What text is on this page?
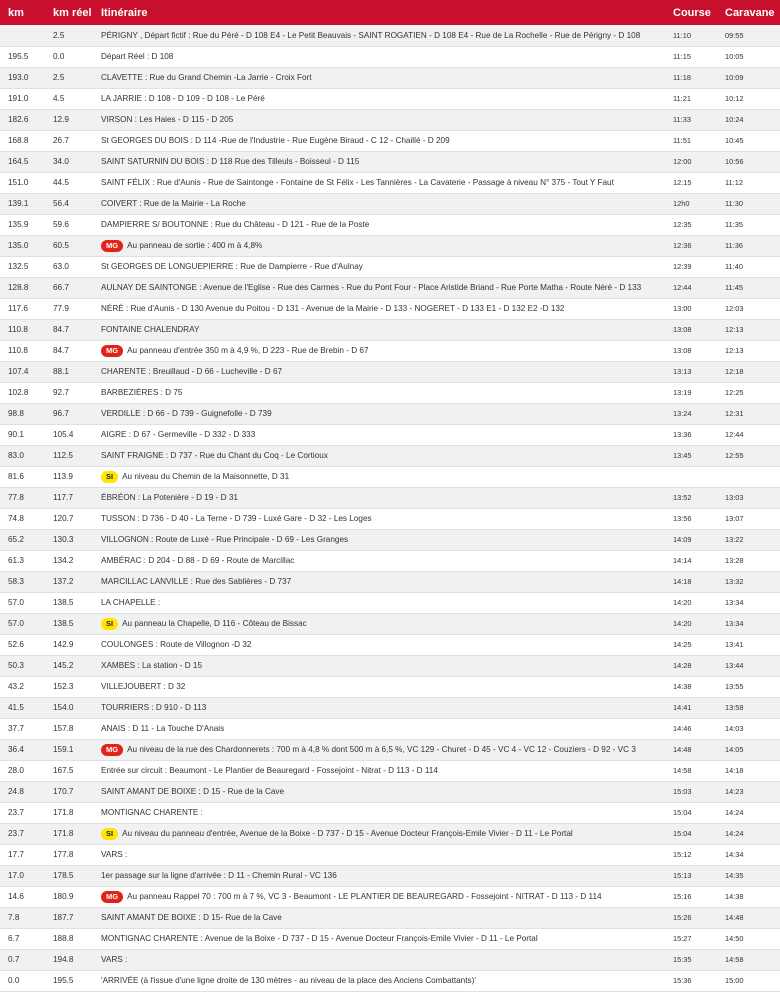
km	km réel	Itinéraire	Course	Caravane
	2.5	PÉRIGNY , Départ fictif : Rue du Péré - D 108 E4 - Le Petit Beauvais - SAINT ROGATIEN - D 108 E4 - Rue de La Rochelle - Rue de Périgny - D 108	11:10	09:55
195.5	0.0	Départ Réel : D 108	11:15	10:05
193.0	2.5	CLAVETTE : Rue du Grand Chemin -La Jarrie - Croix Fort	11:18	10:09
191.0	4.5	LA JARRIE : D 108 - D 109 - D 108 - Le Péré	11:21	10:12
182.6	12.9	VIRSON : Les Haies - D 115 - D 205	11:33	10:24
168.8	26.7	St GEORGES DU BOIS : D 114 -Rue de l'Industrie - Rue Eugène Biraud - C 12 - Chaillé - D 209	11:51	10:45
164.5	34.0	SAINT SATURNIN DU BOIS : D 118 Rue des Tilleuls - Boisseul - D 115	12:00	10:56
151.0	44.5	SAINT FÉLIX : Rue d'Aunis - Rue de Saintonge - Fontaine de St Félix - Les Tannières - La Cavaterie - Passage à niveau N° 375 - Tout Y Faut	12:15	11:12
139.1	56.4	COIVERT : Rue de la Mairie - La Roche	12h0	11:30
135.9	59.6	DAMPIERRE S/ BOUTONNE : Rue du Château - D 121 - Rue de la Poste	12:35	11:35
135.0	60.5	MG Au panneau de sortie : 400 m à 4,8%	12:36	11:36
132.5	63.0	St GEORGES DE LONGUEPIERRE : Rue de Dampierre - Rue d'Aulnay	12:39	11:40
128.8	66.7	AULNAY DE SAINTONGE : Avenue de l'Eglise - Rue des Carmes - Rue du Pont Four - Place Aristide Briand - Rue Porte Matha - Route Néré - D 133	12:44	11:45
117.6	77.9	NÉRÉ : Rue d'Aunis - D 130 Avenue du Poitou - D 131 - Avenue de la Mairie - D 133 - NOGERET - D 133 E1 - D 132 E2 -D 132	13:00	12:03
110.8	84.7	FONTAINE CHALENDRAY	13:08	12:13
110.8	84.7	MG Au panneau d'entrée 350 m à 4,9 %, D 223 - Rue de Brebin - D 67	13:08	12:13
107.4	88.1	CHARENTE : Breuillaud - D 66 - Lucheville - D 67	13:13	12:18
102.8	92.7	BARBEZIÈRES : D 75	13:19	12:25
98.8	96.7	VERDILLE : D 66 - D 739 - Guignefolle - D 739	13:24	12:31
90.1	105.4	AIGRE : D 67 - Germeville - D 332 - D 333	13:36	12:44
83.0	112.5	SAINT FRAIGNE : D 737 - Rue du Chant du Coq - Le Cortioux	13:45	12:55
81.6	113.9	SI Au niveau du Chemin de la Maisonnette, D 31		
77.8	117.7	ÉBRÉON : La Potenière - D 19 - D 31	13:52	13:03
74.8	120.7	TUSSON : D 736 - D 40 - La Terne - D 739 - Luxé Gare - D 32 - Les Loges	13:56	13:07
65.2	130.3	VILLOGNON : Route de Luxé - Rue Principale - D 69 - Les Granges	14:09	13:22
61.3	134.2	AMBÉRAC : D 204 - D 88 - D 69 - Route de Marcillac	14:14	13:28
58.3	137.2	MARCILLAC LANVILLE : Rue des Sablières - D 737	14:18	13:32
57.0	138.5	LA CHAPELLE :	14:20	13:34
57.0	138.5	SI Au panneau la Chapelle, D 116 - Côteau de Bissac	14:20	13:34
52.6	142.9	COULONGES : Route de Villognon -D 32	14:25	13:41
50.3	145.2	XAMBES : La station - D 15	14:28	13:44
43.2	152.3	VILLEJOUBERT : D 32	14:38	13:55
41.5	154.0	TOURRIERS : D 910 - D 113	14:41	13:58
37.7	157.8	ANAIS : D 11 - La Touche D'Anais	14:46	14:03
36.4	159.1	MG Au niveau de la rue des Chardonnerets : 700 m à 4,8 % dont 500 m à 6,5 %, VC 129 - Churet - D 45 - VC 4 - VC 12 - Couziers - D 92 - VC 3	14:48	14:05
28.0	167.5	Entrée sur circuit : Beaumont - Le Plantier de Beauregard - Fossejoint - Nitrat - D 113 - D 114	14:58	14:18
24.8	170.7	SAINT AMANT DE BOIXE : D 15 - Rue de la Cave	15:03	14:23
23.7	171.8	MONTIGNAC CHARENTE :	15:04	14:24
23.7	171.8	SI Au niveau du panneau d'entrée, Avenue de la Boixe - D 737 - D 15 - Avenue Docteur François-Emile Vivier - D 11 - Le Portal	15:04	14:24
17.7	177.8	VARS :	15:12	14:34
17.0	178.5	1er passage sur la ligne d'arrivée : D 11 - Chemin Rural - VC 136	15:13	14:35
14.6	180.9	MG Au panneau Rappel 70 : 700 m à 7 %, VC 3 - Beaumont - LE PLANTIER DE BEAUREGARD - Fossejoint - NITRAT - D 113 - D 114	15:16	14:38
7.8	187.7	SAINT AMANT DE BOIXE : D 15- Rue de la Cave	15:26	14:48
6.7	188.8	MONTIGNAC CHARENTE : Avenue de la Boixe - D 737 - D 15 - Avenue Docteur François-Emile Vivier - D 11 - Le Portal	15:27	14:50
0.7	194.8	VARS :	15:35	14:58
0.0	195.5	'ARRIVÉE (à l'issue d'une ligne droite de 130 mètres - au niveau de la place des Anciens Combattants)'	15:36	15:00
